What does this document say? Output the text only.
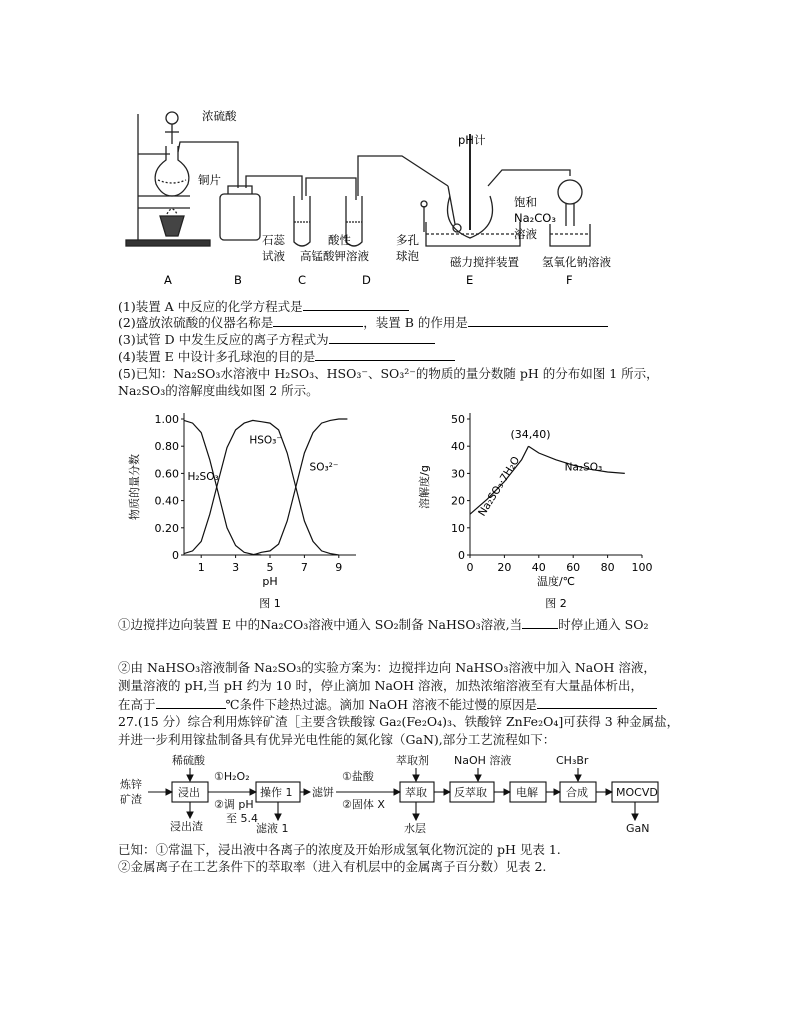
浓硫酸
铜片
pH计
石蕊
试液
酸性
高锰酸钾溶液
多孔
球泡
饱和
Na₂CO₃
溶液
磁力搅拌装置 氢氧化钠溶液
A	B	C	D	E	F
(1)装置 A 中反应的化学方程式是
(2)盛放浓硫酸的仪器名称是	，装置 B 的作用是
(3)试管 D 中发生反应的离子方程式为
(4)装置 E 中设计多孔球泡的目的是
(5)已知：Na₂SO₃水溶液中 H₂SO₃、HSO₃⁻、SO₃²⁻的物质的量分数随 pH 的分布如图 1 所示，
Na₂SO₃的溶解度曲线如图 2 所示。
0
0.20
0.40
0.60
0.80
1.00
1 3 5 7 9
pH
物质的量分数
图 1
H₂SO₃
HSO₃⁻
SO₃²⁻
0
10
20
30
40
50
0 20 40 60 80 100
温度/℃
溶解度/g
图 2
Na₂SO₃·7H₂O	Na₂SO₃
(34,40)
①边搅拌边向装置 E 中的Na₂CO₃溶液中通入 SO₂制备 NaHSO₃溶液,当	时停止通入 SO₂
②由 NaHSO₃溶液制备 Na₂SO₃的实验方案为：边搅拌边向 NaHSO₃溶液中加入 NaOH 溶液，
测量溶液的 pH,当 pH 约为 10 时，停止滴加 NaOH 溶液，加热浓缩溶液至有大量晶体析出，
在高于	℃条件下趁热过滤。滴加 NaOH 溶液不能过慢的原因是
27.(15 分）综合利用炼锌矿渣［主要含铁酸镓 Ga₂(Fe₂O₄)₃、铁酸锌 ZnFe₂O₄]可获得 3 种金属盐，
并进一步利用镓盐制备具有优异光电性能的氮化镓（GaN),部分工艺流程如下：
炼锌
矿渣
稀硫酸
①H₂O₂
②调 pH
至 5.4
滤饼
①盐酸
②固体 X
萃取剂 NaOH 溶液	CH₃Br
浸出渣	滤液 1	水层	GaN
浸出	操作 1	萃取 反萃取	电解	合成	MOCVD
已知：①常温下，浸出液中各离子的浓度及开始形成氢氧化物沉淀的 pH 见表 1.
②金属离子在工艺条件下的萃取率（进入有机层中的金属离子百分数）见表 2.
